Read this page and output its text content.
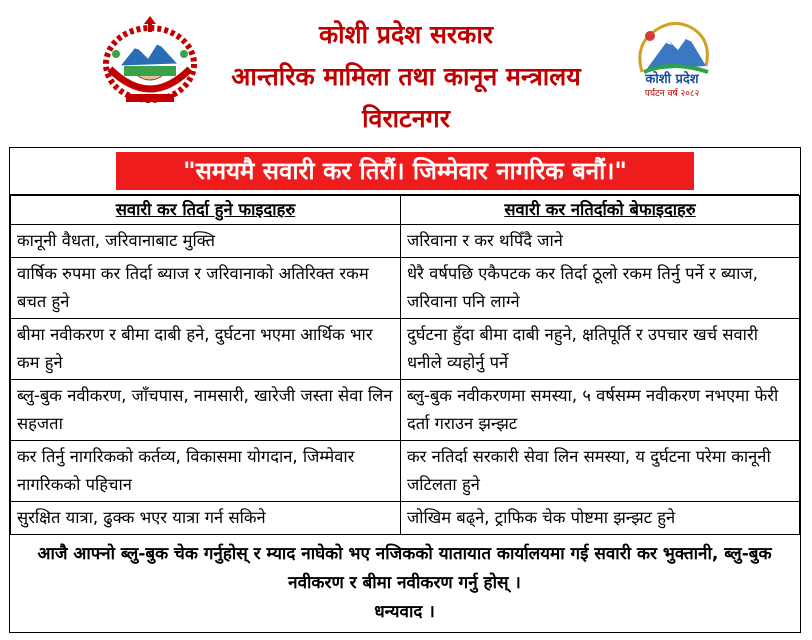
कोशी प्रदेश सरकार
आन्तरिक मामिला तथा कानून मन्त्रालय
विराटनगर
कोशी प्रदेश
पर्यटन वर्ष २०८२
"समयमै सवारी कर तिरौं। जिम्मेवार नागरिक बनौं।"
सवारी कर तिर्दा हुने फाइदाहरु	सवारी कर नतिर्दाको बेफाइदाहरु
कानूनी वैधता, जरिवानाबाट मुक्ति	जरिवाना र कर थपिँदै जाने
वार्षिक रुपमा कर तिर्दा ब्याज र जरिवानाको अतिरिक्त रकम बचत हुने	धेरै वर्षपछि एकैपटक कर तिर्दा ठूलो रकम तिर्नु पर्ने र ब्याज, जरिवाना पनि लाग्ने
बीमा नवीकरण र बीमा दाबी हने, दुर्घटना भएमा आर्थिक भार कम हुने	दुर्घटना हुँदा बीमा दाबी नहुने, क्षतिपूर्ति र उपचार खर्च सवारी धनीले व्यहोर्नु पर्ने
ब्लु-बुक नवीकरण, जाँचपास, नामसारी, खारेजी जस्ता सेवा लिन सहजता	ब्लु-बुक नवीकरणमा समस्या, ५ वर्षसम्म नवीकरण नभएमा फेरी दर्ता गराउन झन्झट
कर तिर्नु नागरिकको कर्तव्य, विकासमा योगदान, जिम्मेवार नागरिकको पहिचान	कर नतिर्दा सरकारी सेवा लिन समस्या, य दुर्घटना परेमा कानूनी जटिलता हुने
सुरक्षित यात्रा, ढुक्क भएर यात्रा गर्न सकिने	जोखिम बढ्ने, ट्राफिक चेक पोष्टमा झन्झट हुने
आजै आफ्नो ब्लु-बुक चेक गर्नुहोस् र म्याद नाघेको भए नजिकको यातायात कार्यालयमा गई सवारी कर भुक्तानी, ब्लु-बुक नवीकरण र बीमा नवीकरण गर्नु होस् ।
धन्यवाद ।
